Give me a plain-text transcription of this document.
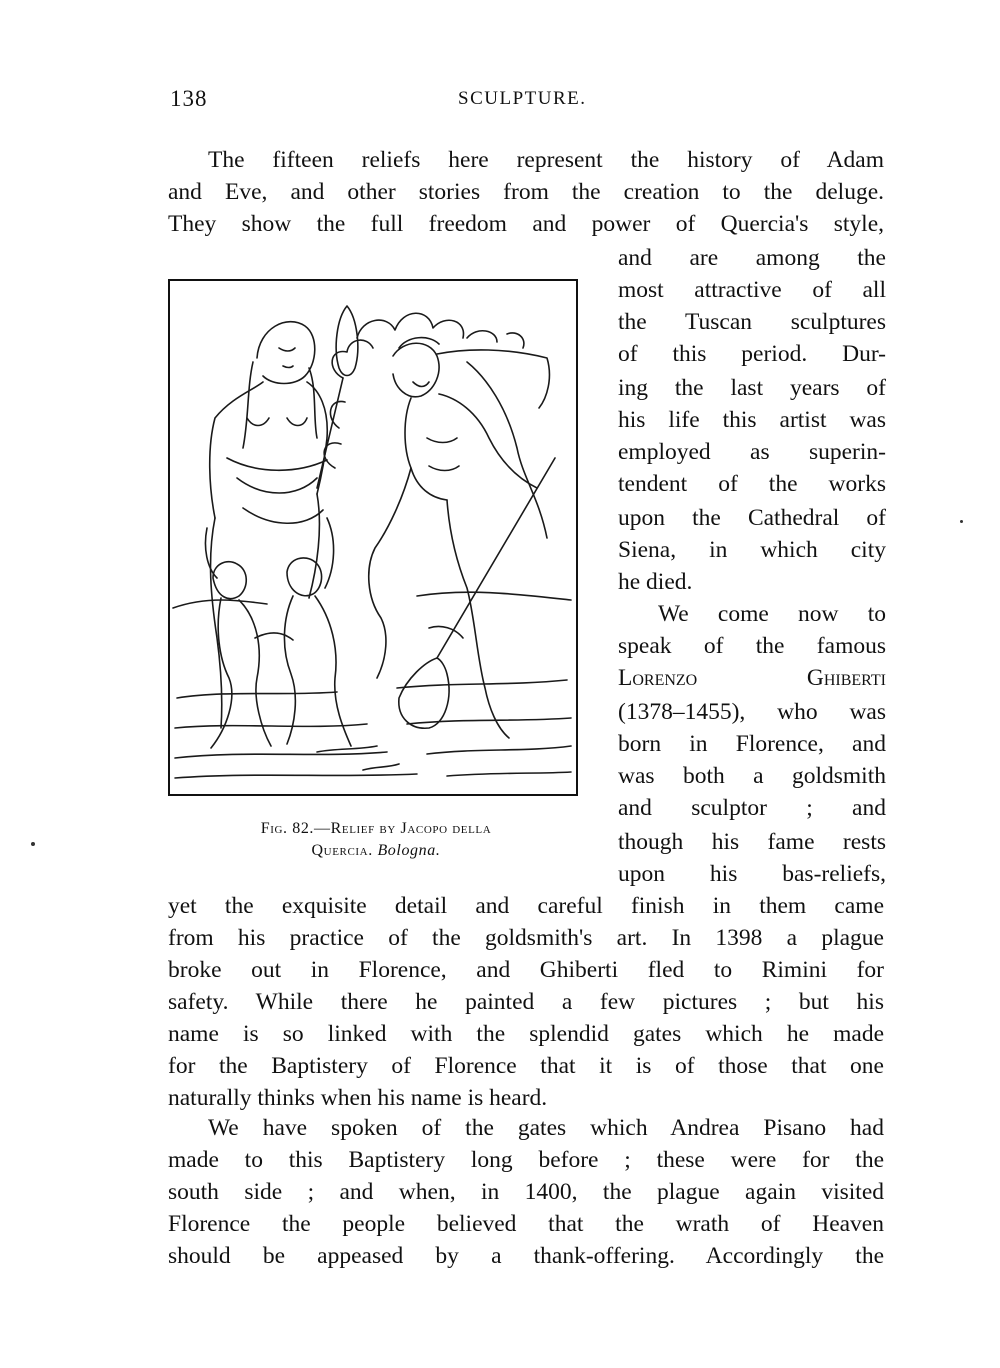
138	SCULPTURE.
The fifteen reliefs here represent the history of Adam
and Eve, and other stories from the creation to the deluge.
They show the full freedom and power of Quercia's style,
and are among the
most attractive of all
the Tuscan sculptures
of this period. Dur-
ing the last years of
his life this artist was
employed as superin-
tendent of the works
upon the Cathedral of
Siena, in which city
he died.
We come now to
speak of the famous
Lorenzo Ghiberti
(1378–1455), who was
born in Florence, and
was both a goldsmith
and sculptor ; and
though his fame rests
upon his bas-reliefs,
yet the exquisite detail and careful finish in them came
from his practice of the goldsmith's art. In 1398 a plague
broke out in Florence, and Ghiberti fled to Rimini for
safety. While there he painted a few pictures ; but his
name is so linked with the splendid gates which he made
for the Baptistery of Florence that it is of those that one
naturally thinks when his name is heard.
We have spoken of the gates which Andrea Pisano had
made to this Baptistery long before ; these were for the
south side ; and when, in 1400, the plague again visited
Florence the people believed that the wrath of Heaven
should be appeased by a thank-offering. Accordingly the
Fig. 82.—Relief by Jacopo della
Quercia. Bologna.
